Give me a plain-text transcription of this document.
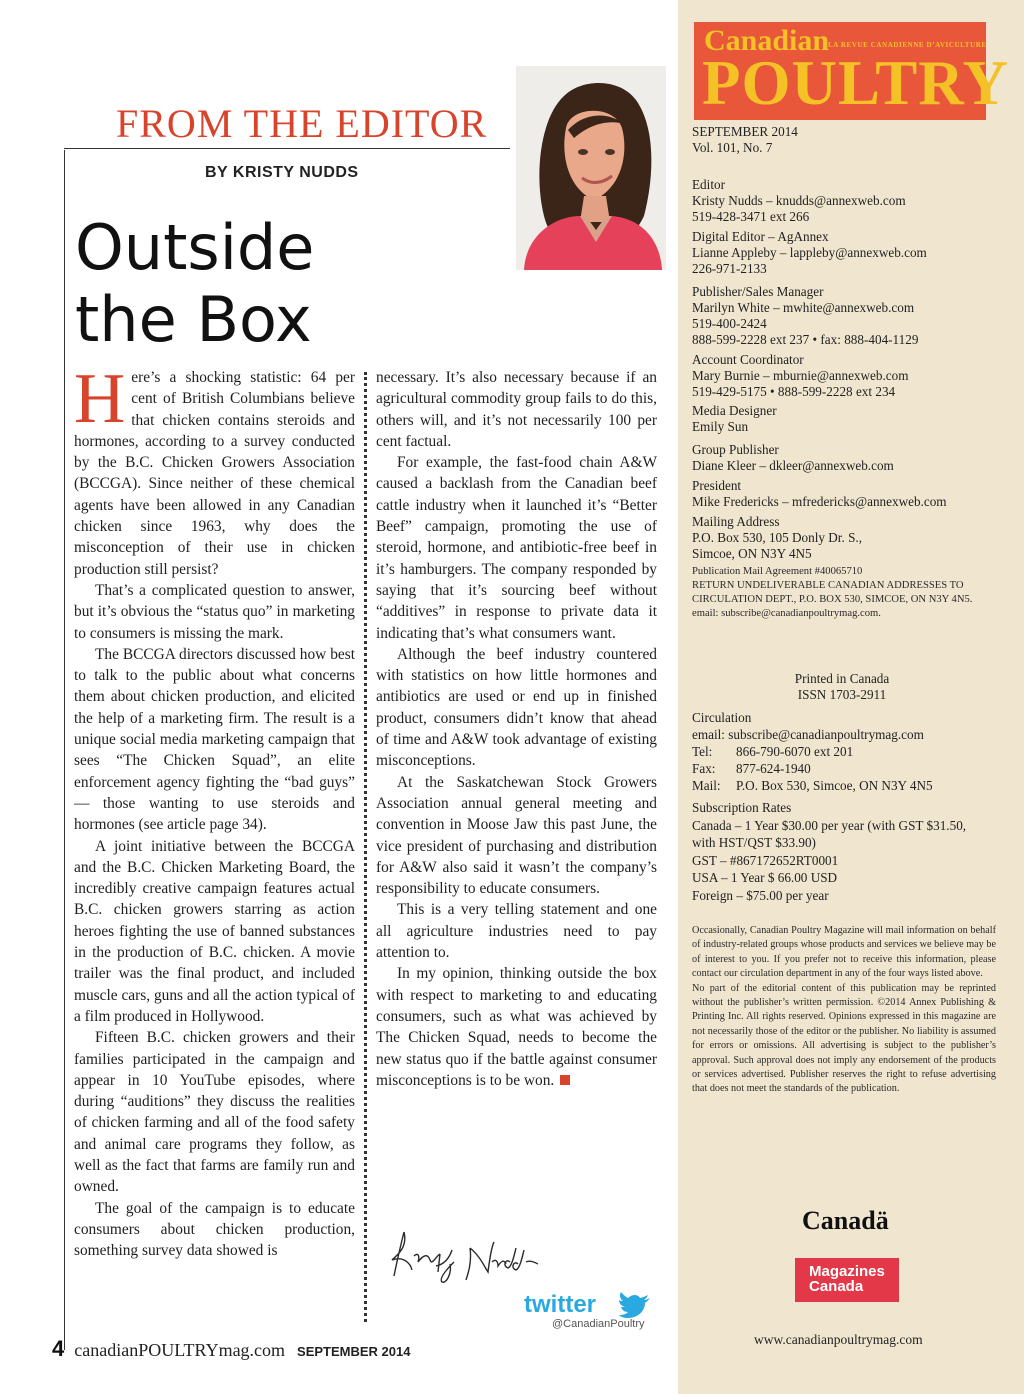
FROM THE EDITOR
BY KRISTY NUDDS
Outside
the Box

Here’s a shocking statistic: 64 per cent of British Columbians believe that chicken contains steroids and hormones, according to a survey conducted by the B.C. Chicken Growers Association (BCCGA). Since neither of these chemical agents have been allowed in any Canadian chicken since 1963, why does the misconception of their use in chicken production still persist?

That’s a complicated question to answer, but it’s obvious the “status quo” in marketing to consumers is missing the mark.

The BCCGA directors discussed how best to talk to the public about what concerns them about chicken production, and elicited the help of a marketing firm. The result is a unique social media marketing campaign that sees “The Chicken Squad”, an elite enforcement agency fighting the “bad guys” — those wanting to use steroids and hormones (see article page 34).

A joint initiative between the BCCGA and the B.C. Chicken Marketing Board, the incredibly creative campaign features actual B.C. chicken growers starring as action heroes fighting the use of banned substances in the production of B.C. chicken. A movie trailer was the final product, and included muscle cars, guns and all the action typical of a film produced in Hollywood.

Fifteen B.C. chicken growers and their families participated in the campaign and appear in 10 YouTube episodes, where during “auditions” they discuss the realities of chicken farming and all of the food safety and animal care programs they follow, as well as the fact that farms are family run and owned.

The goal of the campaign is to educate consumers about chicken production, something survey data showed is

necessary. It’s also necessary because if an agricultural commodity group fails to do this, others will, and it’s not necessarily 100 per cent factual.

For example, the fast-food chain A&W caused a backlash from the Canadian beef cattle industry when it launched it’s “Better Beef” campaign, promoting the use of steroid, hormone, and antibiotic-free beef in it’s hamburgers. The company responded by saying that it’s sourcing beef without “additives” in response to private data it indicating that’s what consumers want.

Although the beef industry countered with statistics on how little hormones and antibiotics are used or end up in finished product, consumers didn’t know that ahead of time and A&W took advantage of existing misconceptions.

At the Saskatchewan Stock Growers Association annual general meeting and convention in Moose Jaw this past June, the vice president of purchasing and distribution for A&W also said it wasn’t the company’s responsibility to educate consumers.

This is a very telling statement and one all agriculture industries need to pay attention to.

In my opinion, thinking outside the box with respect to marketing to and educating consumers, such as what was achieved by The Chicken Squad, needs to become the new status quo if the battle against consumer misconceptions is to be won.

twitter
@CanadianPoultry
4 canadianPOULTRYmag.com SEPTEMBER 2014
Canadian
LA REVUE CANADIENNE D’AVICULTURE
POULTRY
SEPTEMBER 2014
Vol. 101, No. 7
Editor
Kristy Nudds – knudds@annexweb.com
519-428-3471 ext 266
Digital Editor – AgAnnex
Lianne Appleby – lappleby@annexweb.com
226-971-2133
Publisher/Sales Manager
Marilyn White – mwhite@annexweb.com
519-400-2424
888-599-2228 ext 237 • fax: 888-404-1129
Account Coordinator
Mary Burnie – mburnie@annexweb.com
519-429-5175 • 888-599-2228 ext 234
Media Designer
Emily Sun
Group Publisher
Diane Kleer – dkleer@annexweb.com
President
Mike Fredericks – mfredericks@annexweb.com
Mailing Address
P.O. Box 530, 105 Donly Dr. S.,
Simcoe, ON N3Y 4N5
Publication Mail Agreement #40065710
RETURN UNDELIVERABLE CANADIAN ADDRESSES TO CIRCULATION DEPT., P.O. BOX 530, SIMCOE, ON N3Y 4N5.
email: subscribe@canadianpoultrymag.com.
Printed in Canada
ISSN 1703-2911
Circulation
email: subscribe@canadianpoultrymag.com
Tel: 866-790-6070 ext 201
Fax: 877-624-1940
Mail: P.O. Box 530, Simcoe, ON N3Y 4N5
Subscription Rates
Canada – 1 Year $30.00 per year (with GST $31.50,
with HST/QST $33.90)
GST – #867172652RT0001
USA – 1 Year $ 66.00 USD
Foreign – $75.00 per year

Occasionally, Canadian Poultry Magazine will mail information on behalf of industry-related groups whose products and services we believe may be of interest to you. If you prefer not to receive this information, please contact our circulation department in any of the four ways listed above.

No part of the editorial content of this publication may be reprinted without the publisher’s written permission. ©2014 Annex Publishing & Printing Inc. All rights reserved. Opinions expressed in this magazine are not necessarily those of the editor or the publisher. No liability is assumed for errors or omissions. All advertising is subject to the publisher’s approval. Such approval does not imply any endorsement of the products or services advertised. Publisher reserves the right to refuse advertising that does not meet the standards of the publication.

Canadä
Magazines
Canada
www.canadianpoultrymag.com
